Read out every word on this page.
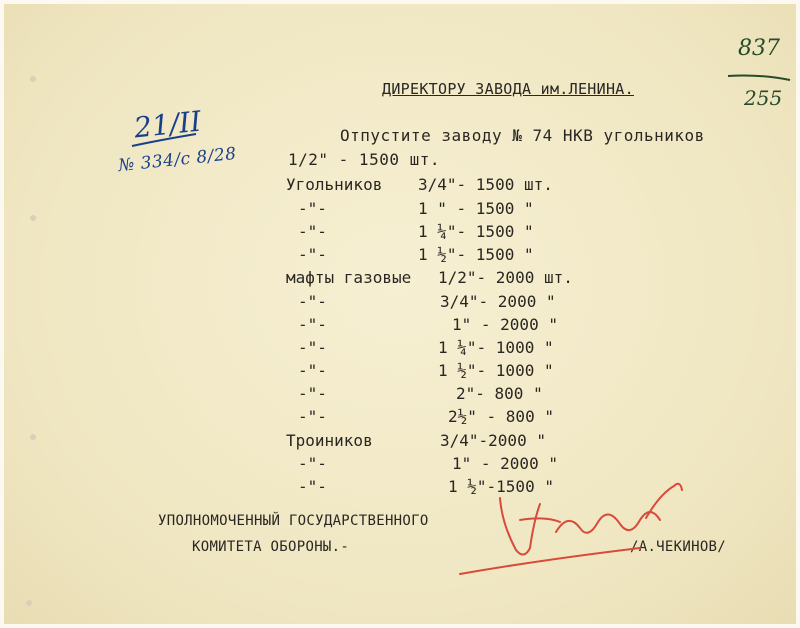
ДИРЕКТОРУ ЗАВОДА им.ЛЕНИНА.
Отпустите заводу № 74 НКВ угольников
1/2" - 1500 шт.
Угольников 3/4"- 1500 шт.
-"-	1 " - 1500 "
-"-	1 ¼"- 1500 "
-"-	1 ½"- 1500 "
мафты газовые 1/2"- 2000 шт.
-"-	3/4"- 2000 "
-"-	1" - 2000 "
-"-	1 ¼"- 1000 "
-"-	1 ½"- 1000 "
-"-	2"- 800 "
-"-	2½" - 800 "
Троиников	3/4"-2000 "
-"-	1" - 2000 "
-"-	1 ½"-1500 "
УПОЛНОМОЧЕННЫЙ ГОСУДАРСТВЕННОГО
КОМИТЕТА ОБОРОНЫ.-	/А.ЧЕКИНОВ/
21/II
№ 334/с 8/28
837
255
